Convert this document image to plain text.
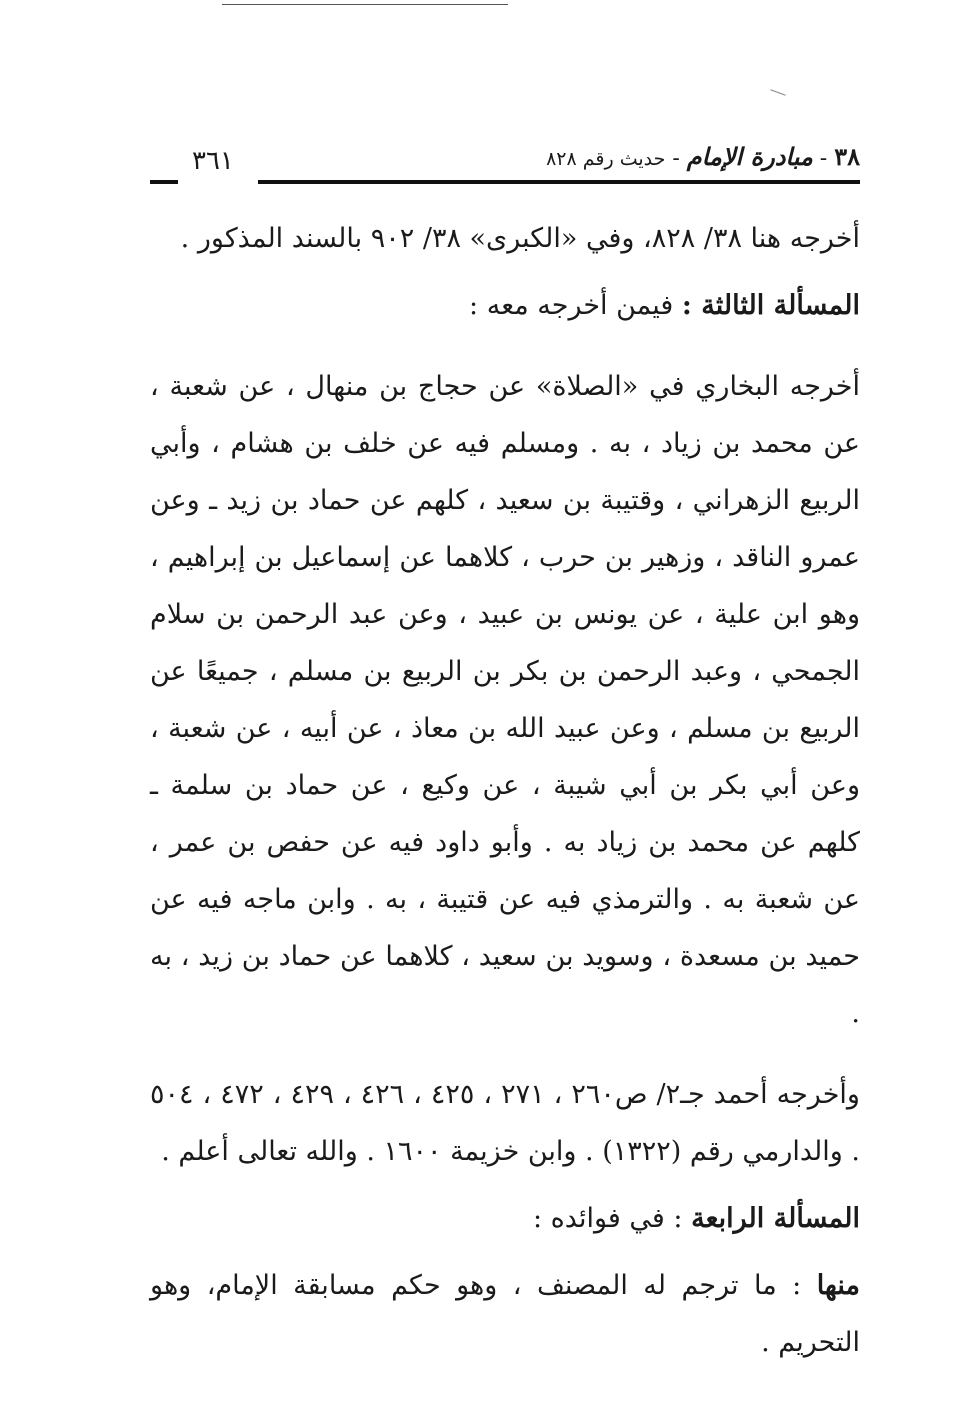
٣٨ - مبادرة الإمام - حديث رقم ٨٢٨
٣٦١

أخرجه هنا ٣٨/ ٨٢٨، وفي «الكبرى» ٣٨/ ٩٠٢ بالسند المذكور .

المسألة الثالثة : فيمن أخرجه معه :

أخرجه البخاري في «الصلاة» عن حجاج بن منهال ، عن شعبة ، عن محمد بن زياد ، به . ومسلم فيه عن خلف بن هشام ، وأبي الربيع الزهراني ، وقتيبة بن سعيد ، كلهم عن حماد بن زيد ـ وعن عمرو الناقد ، وزهير بن حرب ، كلاهما عن إسماعيل بن إبراهيم ، وهو ابن علية ، عن يونس بن عبيد ، وعن عبد الرحمن بن سلام الجمحي ، وعبد الرحمن بن بكر بن الربيع بن مسلم ، جميعًا عن الربيع بن مسلم ، وعن عبيد الله بن معاذ ، عن أبيه ، عن شعبة ، وعن أبي بكر بن أبي شيبة ، عن وكيع ، عن حماد بن سلمة ـ كلهم عن محمد بن زياد به . وأبو داود فيه عن حفص بن عمر ، عن شعبة به . والترمذي فيه عن قتيبة ، به . وابن ماجه فيه عن حميد بن مسعدة ، وسويد بن سعيد ، كلاهما عن حماد بن زيد ، به .

وأخرجه أحمد جـ٢/ ص٢٦٠ ، ٢٧١ ، ٤٢٥ ، ٤٢٦ ، ٤٢٩ ، ٤٧٢ ، ٥٠٤ . والدارمي رقم (١٣٢٢) . وابن خزيمة ١٦٠٠ . والله تعالى أعلم .

المسألة الرابعة : في فوائده :

منها : ما ترجم له المصنف ، وهو حكم مسابقة الإمام، وهو التحريم .
